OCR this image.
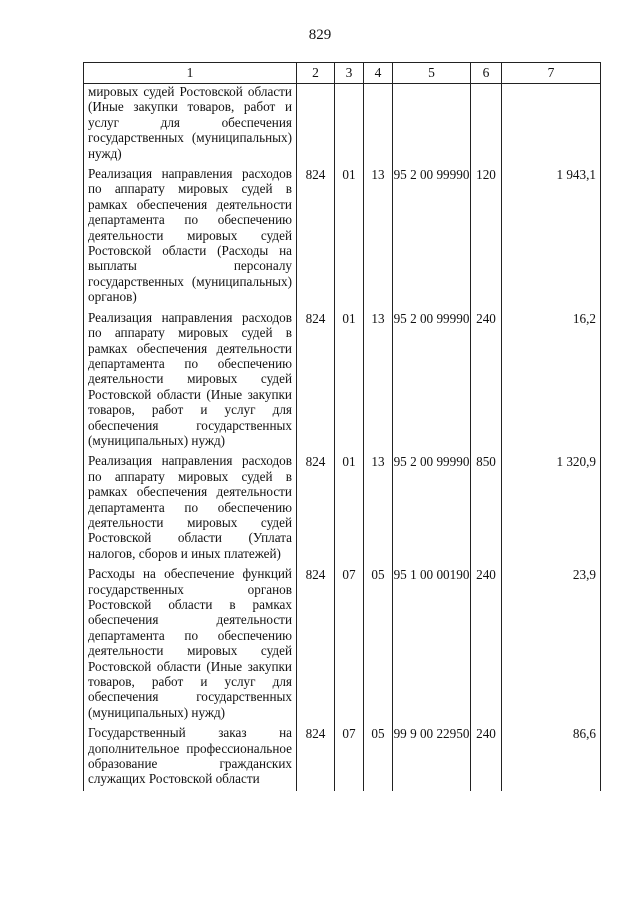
829
1	2	3	4	5	6	7

мировых судей Ростовской области (Иные закупки товаров, работ и услуг для обеспечения государственных (муниципальных) нужд)						

Реализация направления расходов по аппарату мировых судей в рамках обеспечения деятельности департамента по обеспечению деятельности мировых судей Ростовской области (Расходы на выплаты персоналу государственных (муниципальных) органов)	824	01	13	95 2 00 99990	120	1 943,1

Реализация направления расходов по аппарату мировых судей в рамках обеспечения деятельности департамента по обеспечению деятельности мировых судей Ростовской области (Иные закупки товаров, работ и услуг для обеспечения государственных (муниципальных) нужд)	824	01	13	95 2 00 99990	240	16,2

Реализация направления расходов по аппарату мировых судей в рамках обеспечения деятельности департамента по обеспечению деятельности мировых судей Ростовской области (Уплата налогов, сборов и иных платежей)	824	01	13	95 2 00 99990	850	1 320,9

Расходы на обеспечение функций государственных органов Ростовской области в рамках обеспечения деятельности департамента по обеспечению деятельности мировых судей Ростовской области (Иные закупки товаров, работ и услуг для обеспечения государственных (муниципальных) нужд)	824	07	05	95 1 00 00190	240	23,9

Государственный заказ на дополнительное профессиональное образование гражданских служащих Ростовской области	824	07	05	99 9 00 22950	240	86,6
